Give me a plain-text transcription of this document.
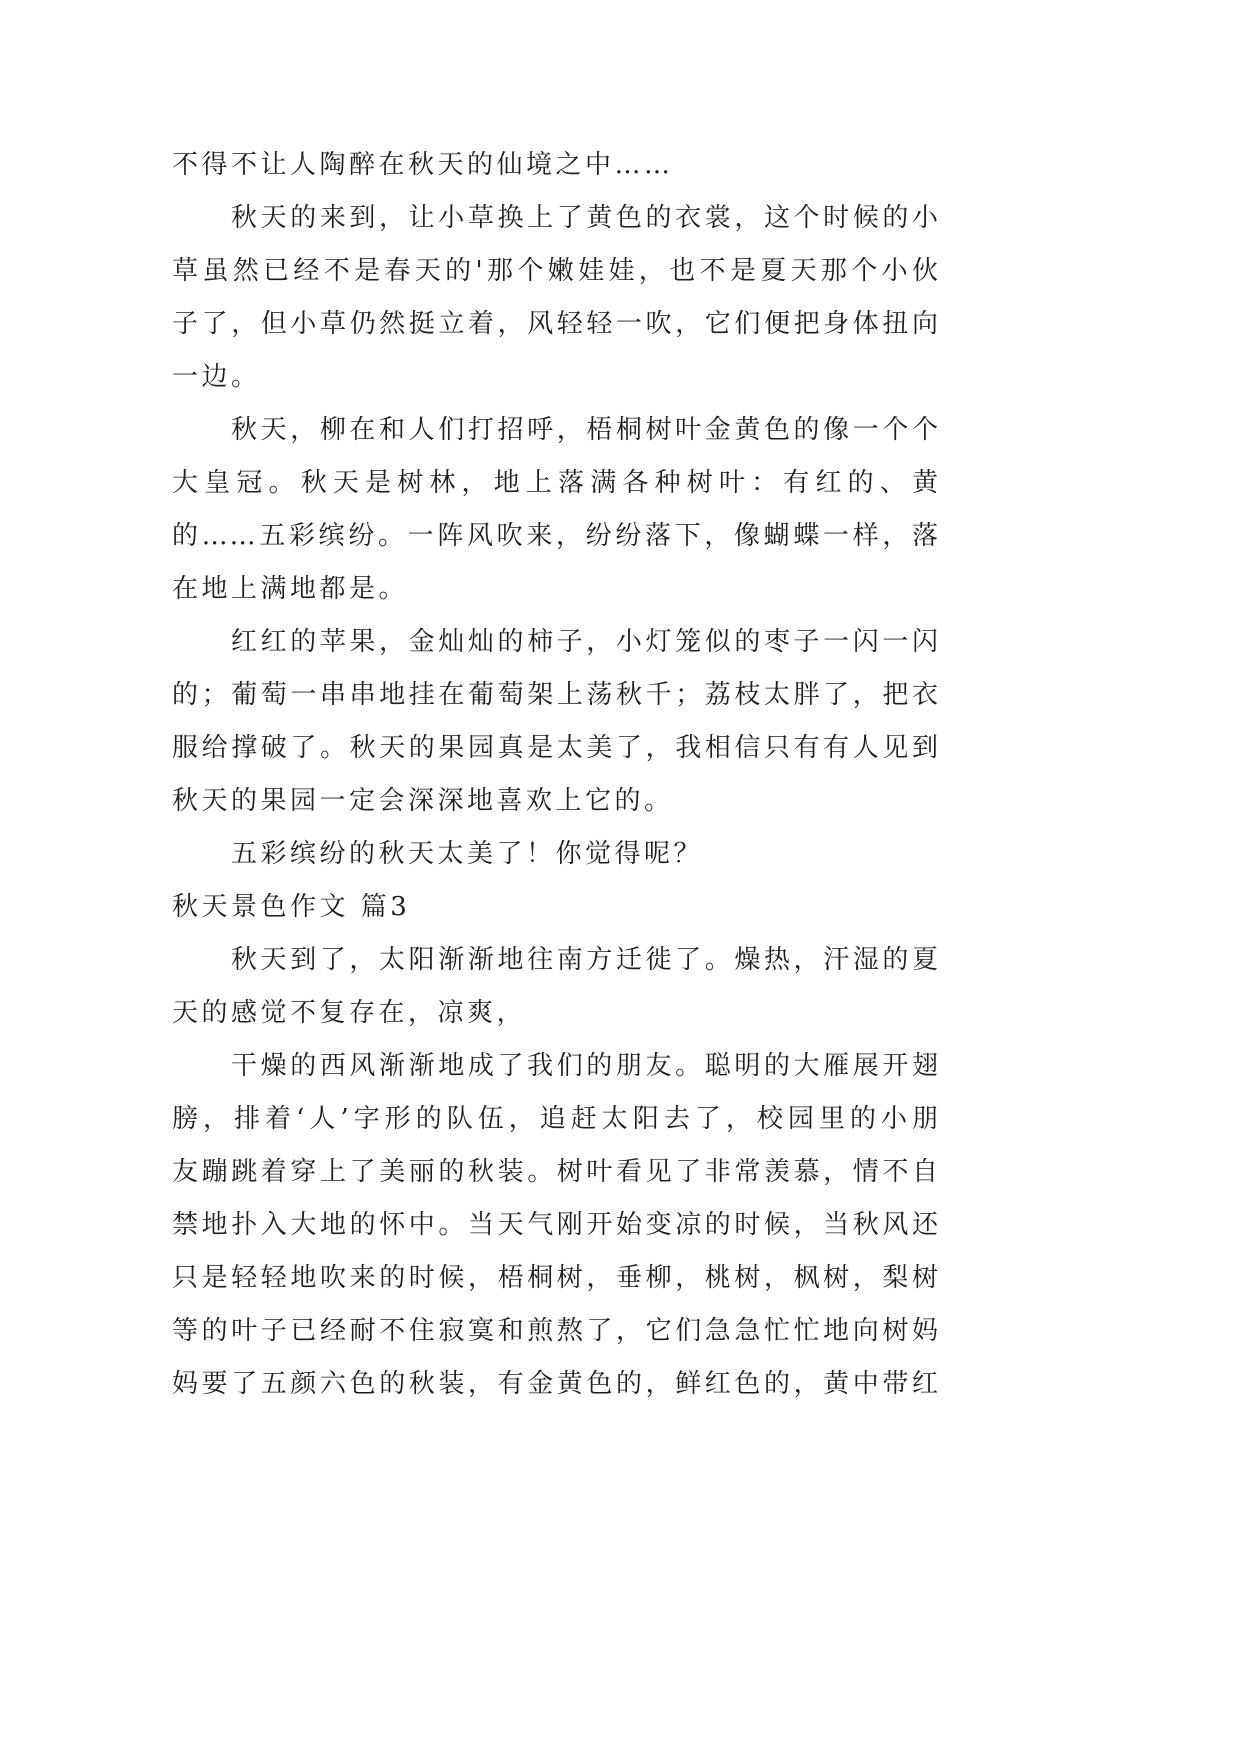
不得不让人陶醉在秋天的仙境之中……
秋天的来到，让小草换上了黄色的衣裳，这个时候的小
草虽然已经不是春天的'那个嫩娃娃，也不是夏天那个小伙
子了，但小草仍然挺立着，风轻轻一吹，它们便把身体扭向
一边。
秋天，柳在和人们打招呼，梧桐树叶金黄色的像一个个
大皇冠。秋天是树林，地上落满各种树叶：有红的、黄
的……五彩缤纷。一阵风吹来，纷纷落下，像蝴蝶一样，落
在地上满地都是。
红红的苹果，金灿灿的柿子，小灯笼似的枣子一闪一闪
的；葡萄一串串地挂在葡萄架上荡秋千；荔枝太胖了，把衣
服给撑破了。秋天的果园真是太美了，我相信只有有人见到
秋天的果园一定会深深地喜欢上它的。
五彩缤纷的秋天太美了！你觉得呢？
秋天景色作文 篇3
秋天到了，太阳渐渐地往南方迁徙了。燥热，汗湿的夏
天的感觉不复存在，凉爽，
干燥的西风渐渐地成了我们的朋友。聪明的大雁展开翅
膀，排着‘人’字形的队伍，追赶太阳去了，校园里的小朋
友蹦跳着穿上了美丽的秋装。树叶看见了非常羡慕，情不自
禁地扑入大地的怀中。当天气刚开始变凉的时候，当秋风还
只是轻轻地吹来的时候，梧桐树，垂柳，桃树，枫树，梨树
等的叶子已经耐不住寂寞和煎熬了，它们急急忙忙地向树妈
妈要了五颜六色的秋装，有金黄色的，鲜红色的，黄中带红
